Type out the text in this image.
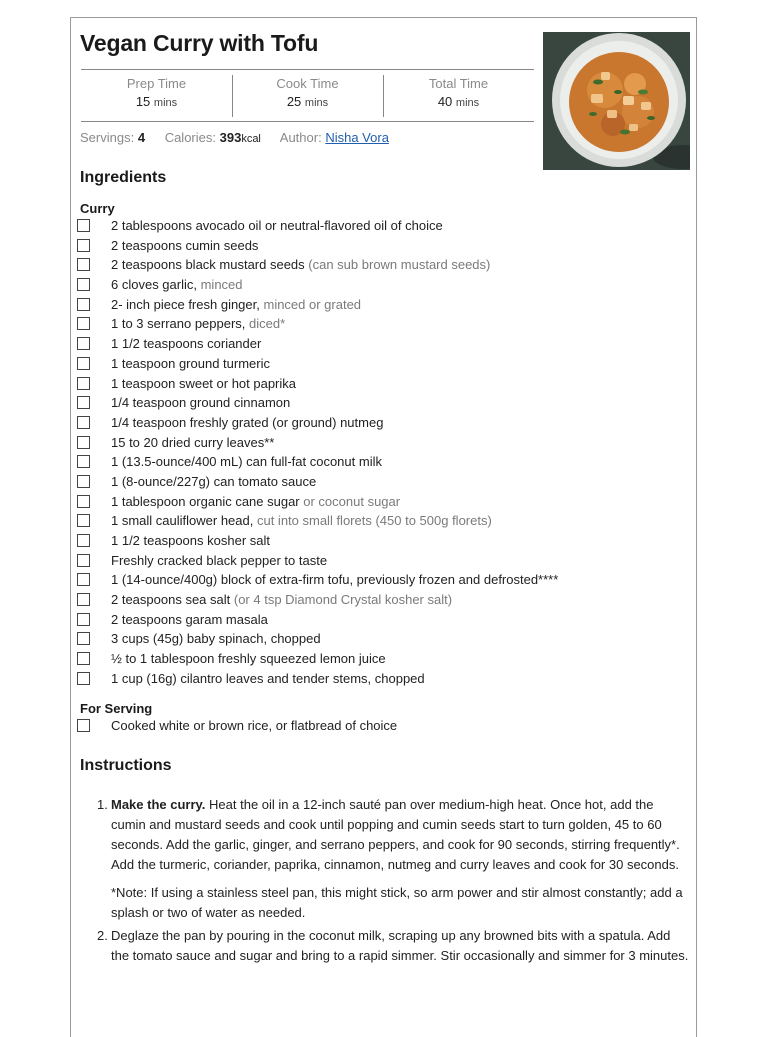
Vegan Curry with Tofu
Prep Time
15 mins
Cook Time
25 mins
Total Time
40 mins
Servings: 4 Calories: 393kcal Author: Nisha Vora
Ingredients
Curry
2 tablespoons avocado oil or neutral-flavored oil of choice
2 teaspoons cumin seeds
2 teaspoons black mustard seeds (can sub brown mustard seeds)
6 cloves garlic, minced
2- inch piece fresh ginger, minced or grated
1 to 3 serrano peppers, diced*
1 1/2 teaspoons coriander
1 teaspoon ground turmeric
1 teaspoon sweet or hot paprika
1/4 teaspoon ground cinnamon
1/4 teaspoon freshly grated (or ground) nutmeg
15 to 20 dried curry leaves**
1 (13.5-ounce/400 mL) can full-fat coconut milk
1 (8-ounce/227g) can tomato sauce
1 tablespoon organic cane sugar or coconut sugar
1 small cauliflower head, cut into small florets (450 to 500g florets)
1 1/2 teaspoons kosher salt
Freshly cracked black pepper to taste
1 (14-ounce/400g) block of extra-firm tofu, previously frozen and defrosted****
2 teaspoons sea salt (or 4 tsp Diamond Crystal kosher salt)
2 teaspoons garam masala
3 cups (45g) baby spinach, chopped
½ to 1 tablespoon freshly squeezed lemon juice
1 cup (16g) cilantro leaves and tender stems, chopped
For Serving
Cooked white or brown rice, or flatbread of choice
Instructions
1. Make the curry. Heat the oil in a 12-inch sauté pan over medium-high heat. Once hot, add the cumin and mustard seeds and cook until popping and cumin seeds start to turn golden, 45 to 60 seconds. Add the garlic, ginger, and serrano peppers, and cook for 90 seconds, stirring frequently*. Add the turmeric, coriander, paprika, cinnamon, nutmeg and curry leaves and cook for 30 seconds.

*Note: If using a stainless steel pan, this might stick, so arm power and stir almost constantly; add a splash or two of water as needed.

2. Deglaze the pan by pouring in the coconut milk, scraping up any browned bits with a spatula. Add the tomato sauce and sugar and bring to a rapid simmer. Stir occasionally and simmer for 3 minutes.
